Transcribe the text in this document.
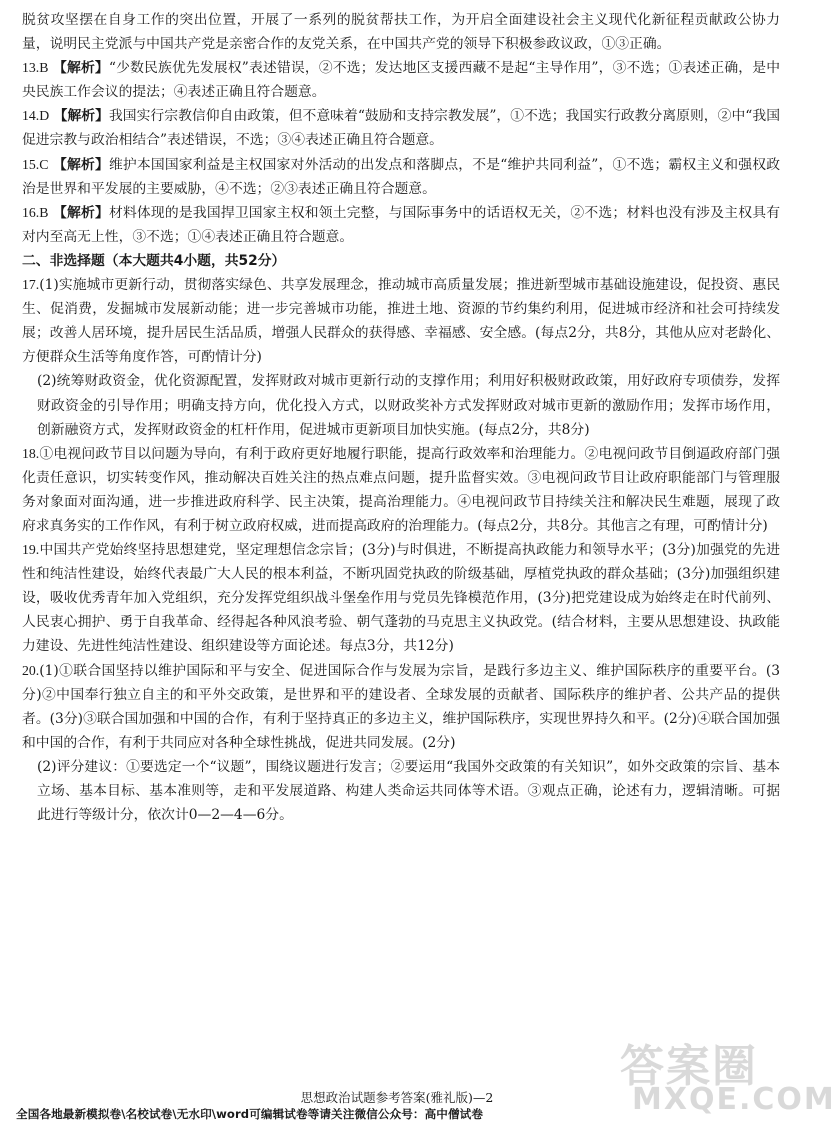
脱贫攻坚摆在自身工作的突出位置，开展了一系列的脱贫帮扶工作，为开启全面建设社会主义现代化新征程贡献政公协力量，说明民主党派与中国共产党是亲密合作的友党关系，在中国共产党的领导下积极参政议政，①③正确。

13.B 【解析】“少数民族优先发展权”表述错误，②不选；发达地区支援西藏不是起“主导作用”，③不选；①表述正确，是中央民族工作会议的提法；④表述正确且符合题意。

14.D 【解析】我国实行宗教信仰自由政策，但不意味着“鼓励和支持宗教发展”，①不选；我国实行政教分离原则，②中“我国促进宗教与政治相结合”表述错误，不选；③④表述正确且符合题意。

15.C 【解析】维护本国国家利益是主权国家对外活动的出发点和落脚点，不是“维护共同利益”，①不选；霸权主义和强权政治是世界和平发展的主要威胁，④不选；②③表述正确且符合题意。

16.B 【解析】材料体现的是我国捍卫国家主权和领土完整，与国际事务中的话语权无关，②不选；材料也没有涉及主权具有对内至高无上性，③不选；①④表述正确且符合题意。

二、非选择题（本大题共4小题，共52分）

17.(1)实施城市更新行动，贯彻落实绿色、共享发展理念，推动城市高质量发展；推进新型城市基础设施建设，促投资、惠民生、促消费，发掘城市发展新动能；进一步完善城市功能，推进土地、资源的节约集约利用，促进城市经济和社会可持续发展；改善人居环境，提升居民生活品质，增强人民群众的获得感、幸福感、安全感。(每点2分，共8分，其他从应对老龄化、方便群众生活等角度作答，可酌情计分)

(2)统筹财政资金，优化资源配置，发挥财政对城市更新行动的支撑作用；利用好积极财政政策，用好政府专项债券，发挥财政资金的引导作用；明确支持方向，优化投入方式，以财政奖补方式发挥财政对城市更新的激励作用；发挥市场作用，创新融资方式，发挥财政资金的杠杆作用，促进城市更新项目加快实施。(每点2分，共8分)

18.①电视问政节目以问题为导向，有利于政府更好地履行职能，提高行政效率和治理能力。②电视问政节目倒逼政府部门强化责任意识，切实转变作风，推动解决百姓关注的热点难点问题，提升监督实效。③电视问政节目让政府职能部门与管理服务对象面对面沟通，进一步推进政府科学、民主决策，提高治理能力。④电视问政节目持续关注和解决民生难题，展现了政府求真务实的工作作风，有利于树立政府权威，进而提高政府的治理能力。(每点2分，共8分。其他言之有理，可酌情计分)

19.中国共产党始终坚持思想建党，坚定理想信念宗旨；(3分)与时俱进，不断提高执政能力和领导水平；(3分)加强党的先进性和纯洁性建设，始终代表最广大人民的根本利益，不断巩固党执政的阶级基础，厚植党执政的群众基础；(3分)加强组织建设，吸收优秀青年加入党组织，充分发挥党组织战斗堡垒作用与党员先锋模范作用，(3分)把党建设成为始终走在时代前列、人民衷心拥护、勇于自我革命、经得起各种风浪考验、朝气蓬勃的马克思主义执政党。(结合材料，主要从思想建设、执政能力建设、先进性纯洁性建设、组织建设等方面论述。每点3分，共12分)

20.(1)①联合国坚持以维护国际和平与安全、促进国际合作与发展为宗旨，是践行多边主义、维护国际秩序的重要平台。(3分)②中国奉行独立自主的和平外交政策，是世界和平的建设者、全球发展的贡献者、国际秩序的维护者、公共产品的提供者。(3分)③联合国加强和中国的合作，有利于坚持真正的多边主义，维护国际秩序，实现世界持久和平。(2分)④联合国加强和中国的合作，有利于共同应对各种全球性挑战，促进共同发展。(2分)

(2)评分建议：①要选定一个“议题”，围绕议题进行发言；②要运用“我国外交政策的有关知识”，如外交政策的宗旨、基本立场、基本目标、基本准则等，走和平发展道路、构建人类命运共同体等术语。③观点正确，论述有力，逻辑清晰。可据此进行等级计分，依次计0—2—4—6分。

答案圈
MXQE.COM
思想政治试题参考答案(雅礼版)—2
全国各地最新模拟卷\名校试卷\无水印\word可编辑试卷等请关注微信公众号：高中僧试卷
